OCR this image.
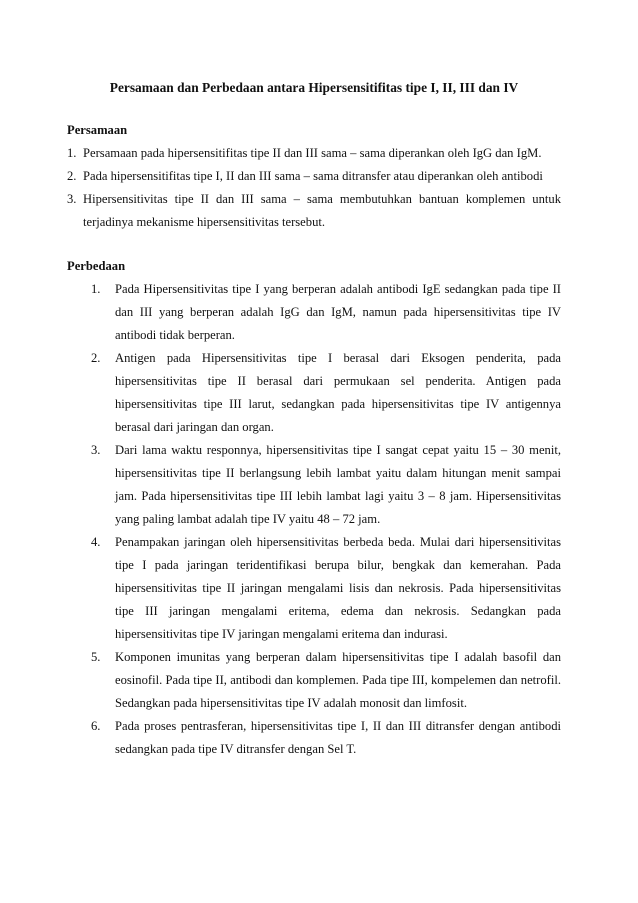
Persamaan dan Perbedaan antara Hipersensitifitas tipe I, II, III dan IV

Persamaan

1. Persamaan pada hipersensitifitas tipe II dan III sama – sama diperankan oleh IgG dan IgM.
2. Pada hipersensitifitas tipe I, II dan III sama – sama ditransfer atau diperankan oleh antibodi
3. Hipersensitivitas tipe II dan III sama – sama membutuhkan bantuan komplemen untuk terjadinya mekanisme hipersensitivitas tersebut.

Perbedaan

1.	Pada Hipersensitivitas tipe I yang berperan adalah antibodi IgE sedangkan pada tipe II dan III yang berperan adalah IgG dan IgM, namun pada hipersensitivitas tipe IV antibodi tidak berperan.
2.	Antigen pada Hipersensitivitas tipe I berasal dari Eksogen penderita, pada hipersensitivitas tipe II berasal dari permukaan sel penderita. Antigen pada hipersensitivitas tipe III larut, sedangkan pada hipersensitivitas tipe IV antigennya berasal dari jaringan dan organ.
3.	Dari lama waktu responnya, hipersensitivitas tipe I sangat cepat yaitu 15 – 30 menit, hipersensitivitas tipe II berlangsung lebih lambat yaitu dalam hitungan menit sampai jam. Pada hipersensitivitas tipe III lebih lambat lagi yaitu 3 – 8 jam. Hipersensitivitas yang paling lambat adalah tipe IV yaitu 48 – 72 jam.
4.	Penampakan jaringan oleh hipersensitivitas berbeda beda. Mulai dari hipersensitivitas tipe I pada jaringan teridentifikasi berupa bilur, bengkak dan kemerahan. Pada hipersensitivitas tipe II jaringan mengalami lisis dan nekrosis. Pada hipersensitivitas tipe III jaringan mengalami eritema, edema dan nekrosis. Sedangkan pada hipersensitivitas tipe IV jaringan mengalami eritema dan indurasi.
5.	Komponen imunitas yang berperan dalam hipersensitivitas tipe I adalah basofil dan eosinofil. Pada tipe II, antibodi dan komplemen. Pada tipe III, kompelemen dan netrofil. Sedangkan pada hipersensitivitas tipe IV adalah monosit dan limfosit.
6.	Pada proses pentrasferan, hipersensitivitas tipe I, II dan III ditransfer dengan antibodi sedangkan pada tipe IV ditransfer dengan Sel T.
